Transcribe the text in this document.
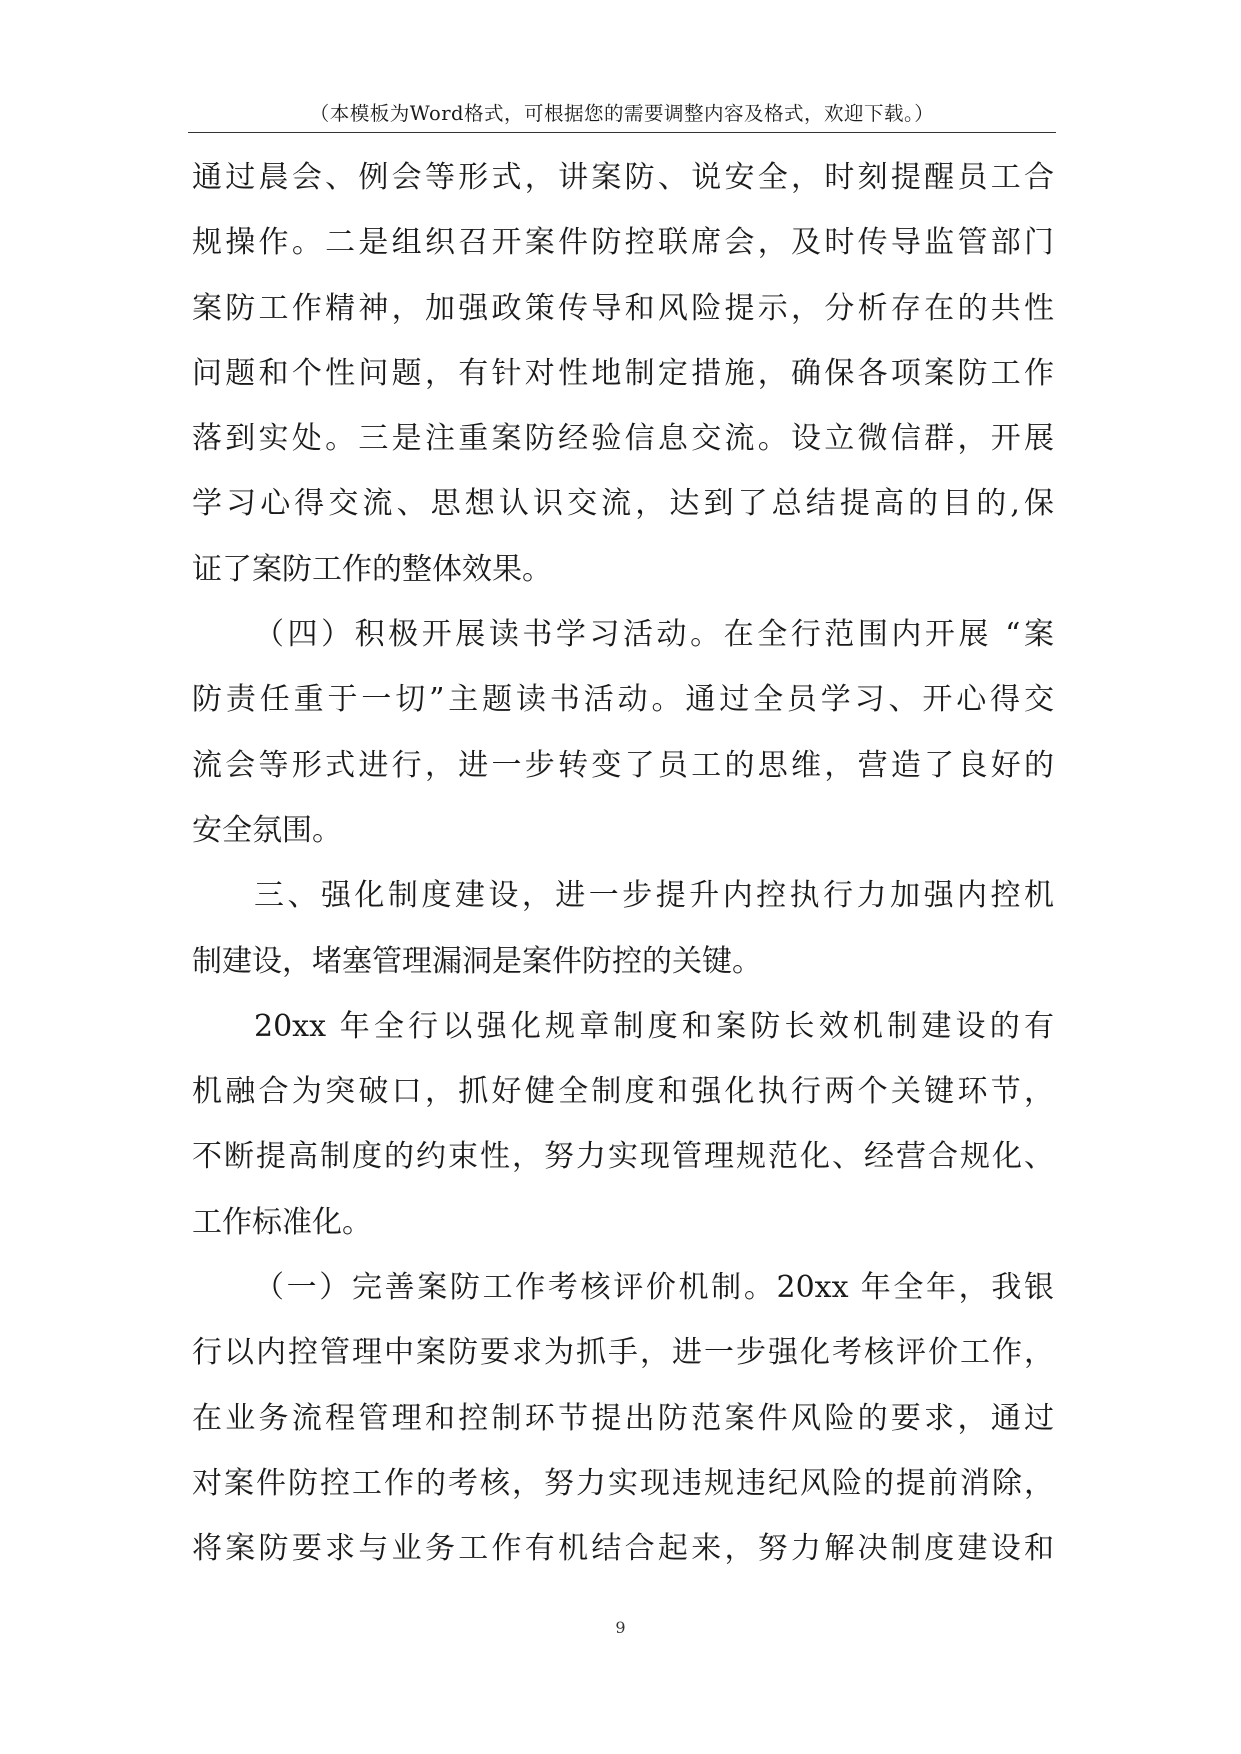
（本模板为Word格式，可根据您的需要调整内容及格式，欢迎下载。）
通过晨会、例会等形式，讲案防、说安全，时刻提醒员工合
规操作。二是组织召开案件防控联席会，及时传导监管部门
案防工作精神，加强政策传导和风险提示，分析存在的共性
问题和个性问题，有针对性地制定措施，确保各项案防工作
落到实处。三是注重案防经验信息交流。设立微信群，开展
学习心得交流、思想认识交流，达到了总结提高的目的,保
证了案防工作的整体效果。
（四）积极开展读书学习活动。在全行范围内开展 “案
防责任重于一切”主题读书活动。通过全员学习、开心得交
流会等形式进行，进一步转变了员工的思维，营造了良好的
安全氛围。
三、强化制度建设，进一步提升内控执行力加强内控机
制建设，堵塞管理漏洞是案件防控的关键。
20xx 年全行以强化规章制度和案防长效机制建设的有
机融合为突破口，抓好健全制度和强化执行两个关键环节，
不断提高制度的约束性，努力实现管理规范化、经营合规化、
工作标准化。
（一）完善案防工作考核评价机制。20xx 年全年，我银
行以内控管理中案防要求为抓手，进一步强化考核评价工作，
在业务流程管理和控制环节提出防范案件风险的要求，通过
对案件防控工作的考核，努力实现违规违纪风险的提前消除，
将案防要求与业务工作有机结合起来，努力解决制度建设和
9
